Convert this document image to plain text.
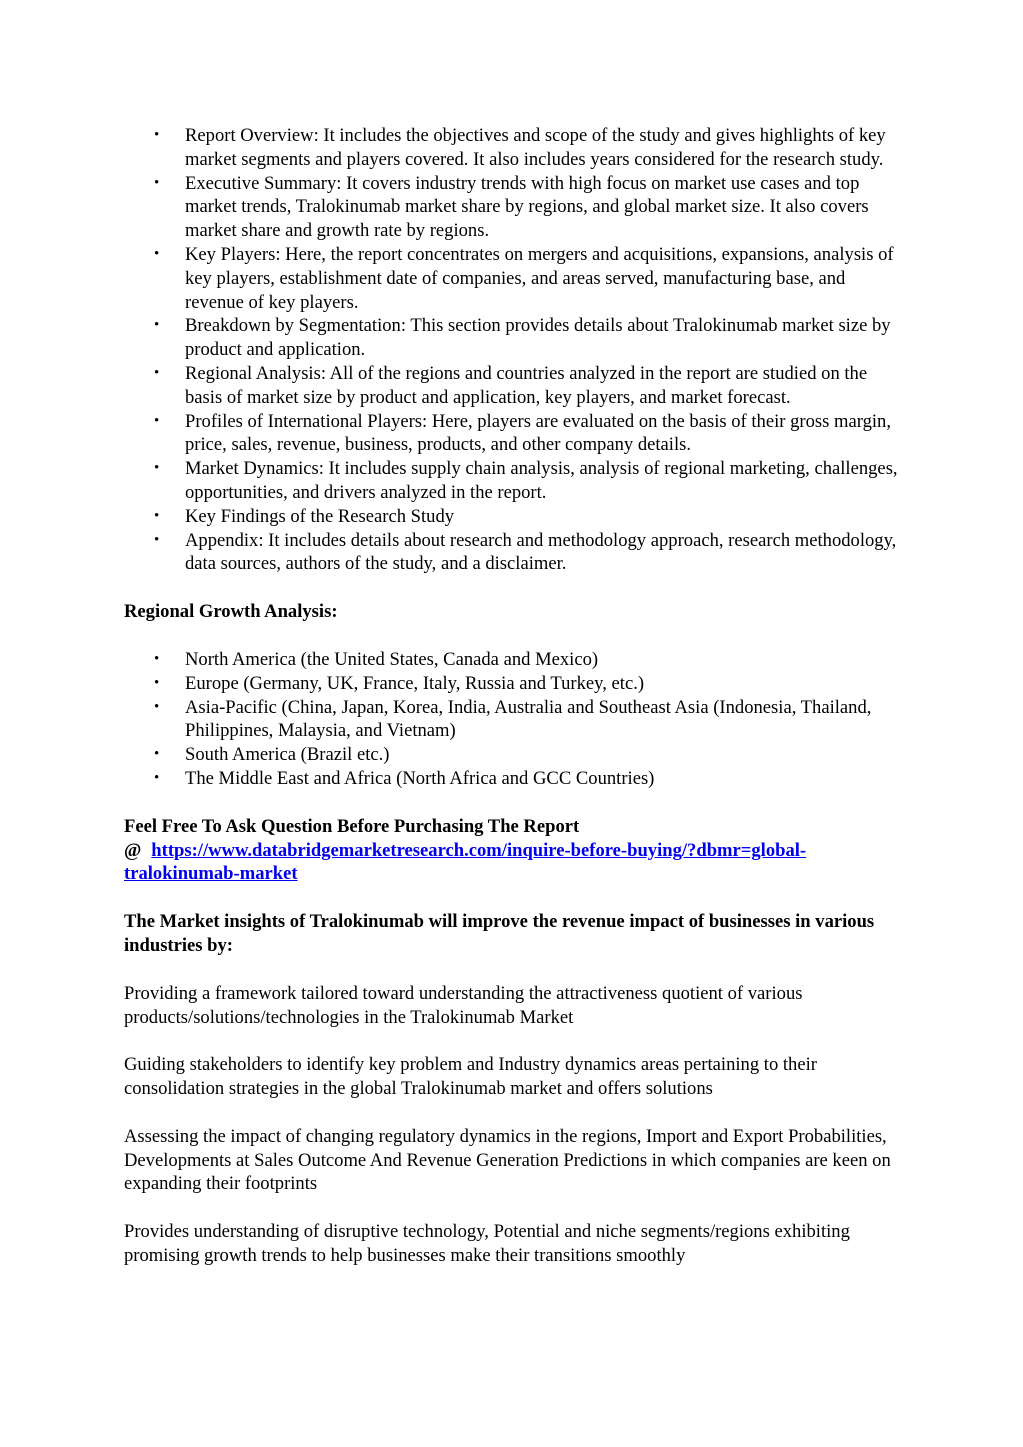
• Report Overview: It includes the objectives and scope of the study and gives highlights of key market segments and players covered. It also includes years considered for the research study.
• Executive Summary: It covers industry trends with high focus on market use cases and top market trends, Tralokinumab market share by regions, and global market size. It also covers market share and growth rate by regions.
• Key Players: Here, the report concentrates on mergers and acquisitions, expansions, analysis of key players, establishment date of companies, and areas served, manufacturing base, and revenue of key players.
• Breakdown by Segmentation: This section provides details about Tralokinumab market size by product and application.
• Regional Analysis: All of the regions and countries analyzed in the report are studied on the basis of market size by product and application, key players, and market forecast.
• Profiles of International Players: Here, players are evaluated on the basis of their gross margin, price, sales, revenue, business, products, and other company details.
• Market Dynamics: It includes supply chain analysis, analysis of regional marketing, challenges, opportunities, and drivers analyzed in the report.
• Key Findings of the Research Study
• Appendix: It includes details about research and methodology approach, research methodology, data sources, authors of the study, and a disclaimer.

Regional Growth Analysis:

• North America (the United States, Canada and Mexico)
• Europe (Germany, UK, France, Italy, Russia and Turkey, etc.)
• Asia-Pacific (China, Japan, Korea, India, Australia and Southeast Asia (Indonesia, Thailand, Philippines, Malaysia, and Vietnam)
• South America (Brazil etc.)
• The Middle East and Africa (North Africa and GCC Countries)

Feel Free To Ask Question Before Purchasing The Report

@ https://www.databridgemarketresearch.com/inquire-before-buying/?dbmr=global-tralokinumab-market

The Market insights of Tralokinumab will improve the revenue impact of businesses in various industries by:

Providing a framework tailored toward understanding the attractiveness quotient of various products/solutions/technologies in the Tralokinumab Market

Guiding stakeholders to identify key problem and Industry dynamics areas pertaining to their consolidation strategies in the global Tralokinumab market and offers solutions

Assessing the impact of changing regulatory dynamics in the regions, Import and Export Probabilities, Developments at Sales Outcome And Revenue Generation Predictions in which companies are keen on expanding their footprints

Provides understanding of disruptive technology, Potential and niche segments/regions exhibiting promising growth trends to help businesses make their transitions smoothly
